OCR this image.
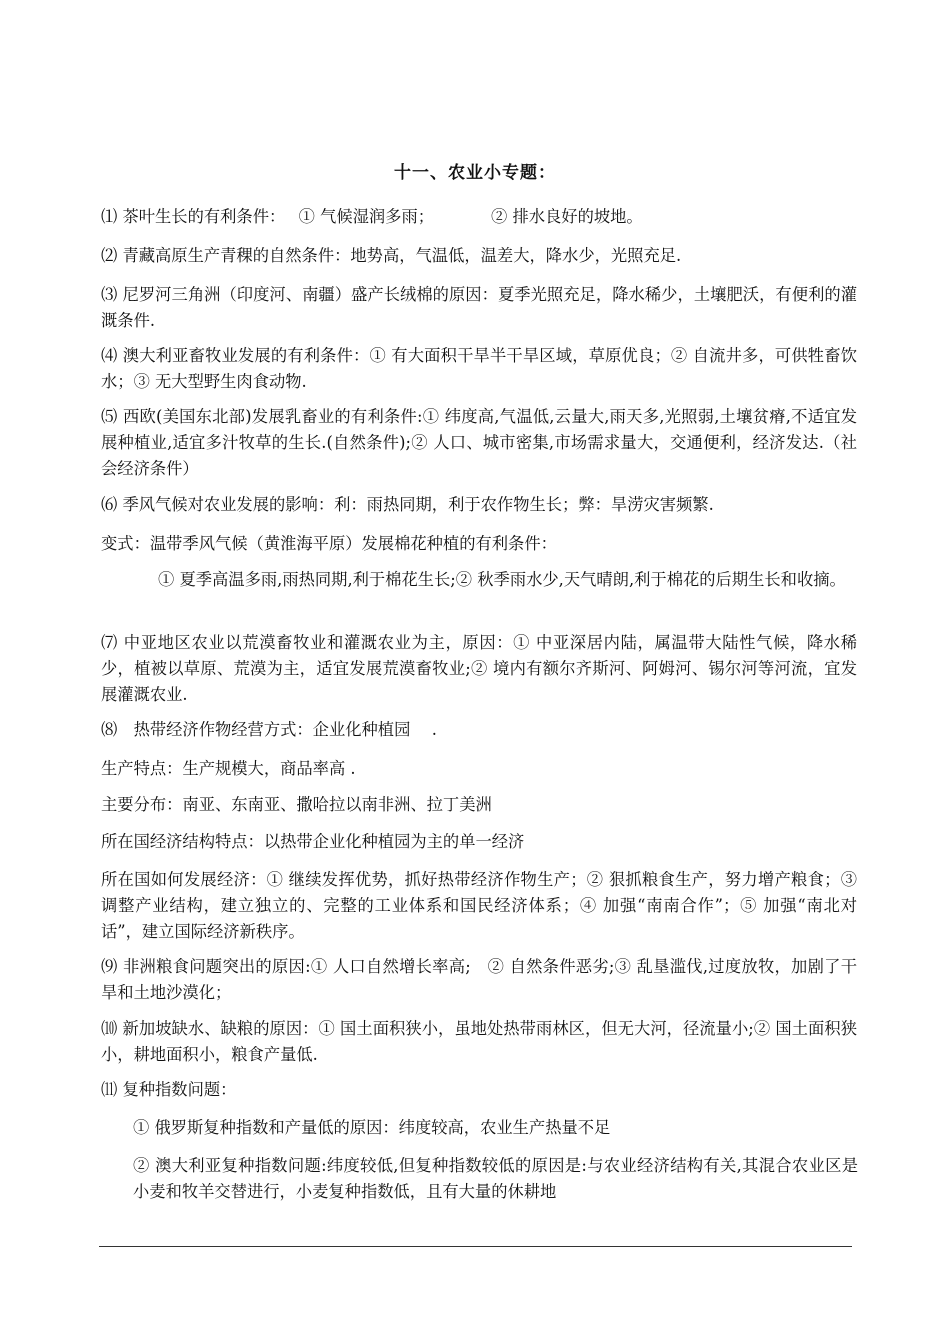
十一、农业小专题：

⑴ 茶叶生长的有利条件：　 ① 气候湿润多雨；　　　　② 排水良好的坡地。

⑵ 青藏高原生产青稞的自然条件：地势高，气温低，温差大，降水少，光照充足.

⑶ 尼罗河三角洲（印度河、南疆）盛产长绒棉的原因：夏季光照充足，降水稀少，土壤肥沃，有便利的灌溉条件.

⑷ 澳大利亚畜牧业发展的有利条件：① 有大面积干旱半干旱区域，草原优良；② 自流井多，可供牲畜饮水；③ 无大型野生肉食动物.

⑸ 西欧(美国东北部)发展乳畜业的有利条件:① 纬度高,气温低,云量大,雨天多,光照弱,土壤贫瘠,不适宜发展种植业,适宜多汁牧草的生长.(自然条件);② 人口、城市密集,市场需求量大，交通便利，经济发达.（社会经济条件）

⑹ 季风气候对农业发展的影响：利：雨热同期，利于农作物生长；弊：旱涝灾害频繁.

变式：温带季风气候（黄淮海平原）发展棉花种植的有利条件：

① 夏季高温多雨,雨热同期,利于棉花生长;② 秋季雨水少,天气晴朗,利于棉花的后期生长和收摘。

⑺ 中亚地区农业以荒漠畜牧业和灌溉农业为主，原因：① 中亚深居内陆，属温带大陆性气候，降水稀少，植被以草原、荒漠为主，适宜发展荒漠畜牧业;② 境内有额尔齐斯河、阿姆河、锡尔河等河流，宜发展灌溉农业.

⑻　热带经济作物经营方式：企业化种植园　 .

生产特点：生产规模大，商品率高 .

主要分布：南亚、东南亚、撒哈拉以南非洲、拉丁美洲

所在国经济结构特点：以热带企业化种植园为主的单一经济

所在国如何发展经济：① 继续发挥优势，抓好热带经济作物生产；② 狠抓粮食生产，努力增产粮食；③ 调整产业结构，建立独立的、完整的工业体系和国民经济体系；④ 加强“南南合作”；⑤ 加强“南北对话”，建立国际经济新秩序。

⑼ 非洲粮食问题突出的原因:① 人口自然增长率高;　② 自然条件恶劣;③ 乱垦滥伐,过度放牧，加剧了干旱和土地沙漠化；

⑽ 新加坡缺水、缺粮的原因：① 国土面积狭小，虽地处热带雨林区，但无大河，径流量小;② 国土面积狭小，耕地面积小，粮食产量低.

⑾ 复种指数问题：

① 俄罗斯复种指数和产量低的原因：纬度较高，农业生产热量不足

② 澳大利亚复种指数问题:纬度较低,但复种指数较低的原因是:与农业经济结构有关,其混合农业区是小麦和牧羊交替进行，小麦复种指数低，且有大量的休耕地
